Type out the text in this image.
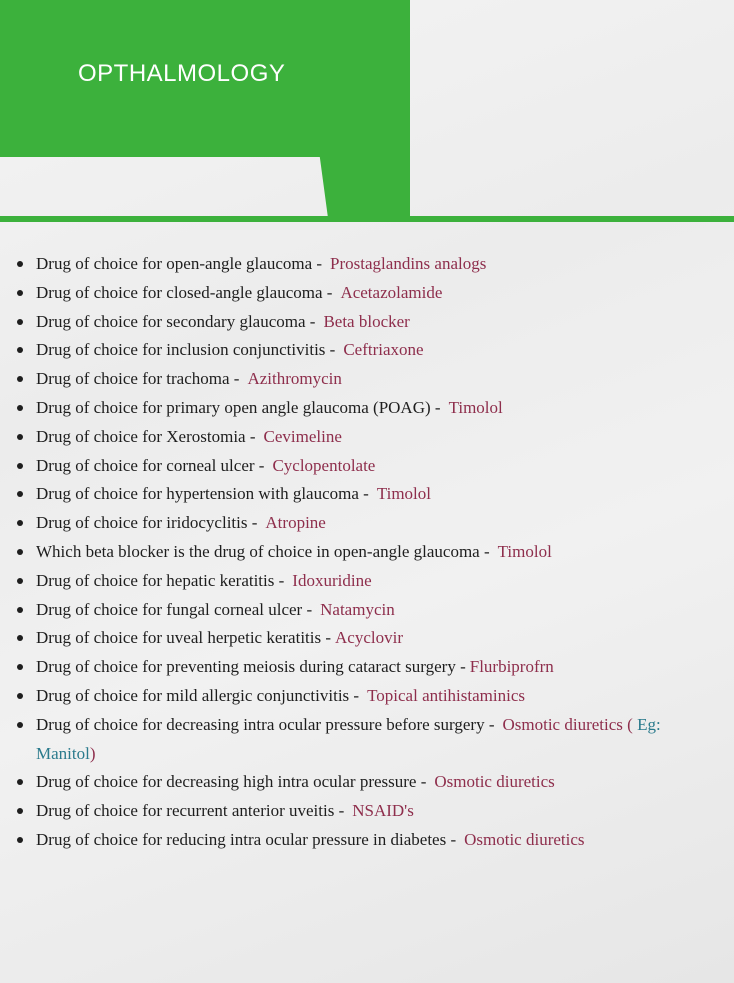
OPTHALMOLOGY
Drug of choice for open-angle glaucoma - Prostaglandins analogs
Drug of choice for closed-angle glaucoma - Acetazolamide
Drug of choice for secondary glaucoma - Beta blocker
Drug of choice for inclusion conjunctivitis - Ceftriaxone
Drug of choice for trachoma - Azithromycin
Drug of choice for primary open angle glaucoma (POAG) - Timolol
Drug of choice for Xerostomia - Cevimeline
Drug of choice for corneal ulcer - Cyclopentolate
Drug of choice for hypertension with glaucoma - Timolol
Drug of choice for iridocyclitis - Atropine
Which beta blocker is the drug of choice in open-angle glaucoma - Timolol
Drug of choice for hepatic keratitis - Idoxuridine
Drug of choice for fungal corneal ulcer - Natamycin
Drug of choice for uveal herpetic keratitis - Acyclovir
Drug of choice for preventing meiosis during cataract surgery - Flurbiprofrn
Drug of choice for mild allergic conjunctivitis - Topical antihistaminics
Drug of choice for decreasing intra ocular pressure before surgery - Osmotic diuretics ( Eg: Manitol)
Drug of choice for decreasing high intra ocular pressure - Osmotic diuretics
Drug of choice for recurrent anterior uveitis - NSAID's
Drug of choice for reducing intra ocular pressure in diabetes - Osmotic diuretics
